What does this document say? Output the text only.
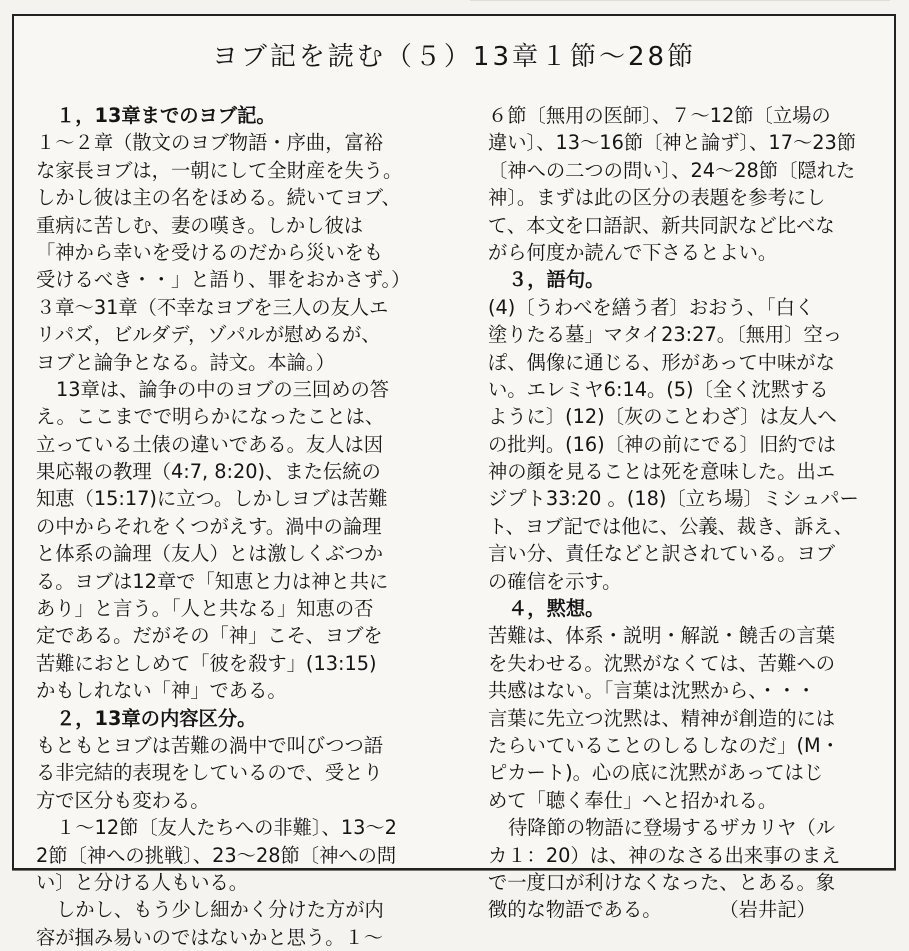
ヨブ記を読む（５）13章１節～28節
１，13章までのヨブ記。
１～２章（散文のヨブ物語・序曲，富裕
な家長ヨブは，一朝にして全財産を失う。
しかし彼は主の名をほめる。続いてヨブ、
重病に苦しむ、妻の嘆き。しかし彼は
「神から幸いを受けるのだから災いをも
受けるべき・・」と語り、罪をおかさず。）
３章～31章（不幸なヨブを三人の友人エ
リパズ，ビルダデ，ゾパルが慰めるが、
ヨブと論争となる。詩文。本論。）
13章は、論争の中のヨブの三回めの答
え。ここまでで明らかになったことは、
立っている土俵の違いである。友人は因
果応報の教理（4:7, 8:20)、また伝統の
知恵（15:17)に立つ。しかしヨブは苦難
の中からそれをくつがえす。渦中の論理
と体系の論理（友人）とは激しくぶつか
る。ヨブは12章で「知恵と力は神と共に
あり」と言う。「人と共なる」知恵の否
定である。だがその「神」こそ、ヨブを
苦難におとしめて「彼を殺す」(13:15)
かもしれない「神」である。
２，13章の内容区分。
もともとヨブは苦難の渦中で叫びつつ語
る非完結的表現をしているので、受とり
方で区分も変わる。
１～12節〔友人たちへの非難〕、13～2
2節〔神への挑戦〕、23～28節〔神への問
い〕と分ける人もいる。
しかし、もう少し細かく分けた方が内
容が掴み易いのではないかと思う。１～
６節〔無用の医師〕、７～12節〔立場の
違い〕、13～16節〔神と論ず〕、17～23節
〔神への二つの問い〕、24～28節〔隠れた
神〕。まずは此の区分の表題を参考にし
て、本文を口語訳、新共同訳など比べな
がら何度か読んで下さるとよい。
３，語句。
(4)〔うわべを繕う者〕おおう、「白く
塗りたる墓」マタイ23:27。〔無用〕空っ
ぽ、偶像に通じる、形があって中味がな
い。エレミヤ6:14。(5)〔全く沈黙する
ように〕(12)〔灰のことわざ〕は友人へ
の批判。(16)〔神の前にでる〕旧約では
神の顔を見ることは死を意味した。出エ
ジプト33:20 。(18)〔立ち場〕ミシュパー
ト、ヨブ記では他に、公義、裁き、訴え、
言い分、責任などと訳されている。ヨブ
の確信を示す。
４，黙想。
苦難は、体系・説明・解説・饒舌の言葉
を失わせる。沈黙がなくては、苦難への
共感はない。「言葉は沈黙から、・・・
言葉に先立つ沈黙は、精神が創造的には
たらいていることのしるしなのだ」(M・
ピカート)。心の底に沈黙があってはじ
めて「聴く奉仕」へと招かれる。
待降節の物語に登場するザカリヤ（ル
カ１：20）は、神のなさる出来事のまえ
で一度口が利けなくなった、とある。象
徴的な物語である。　　　　（岩井記）
